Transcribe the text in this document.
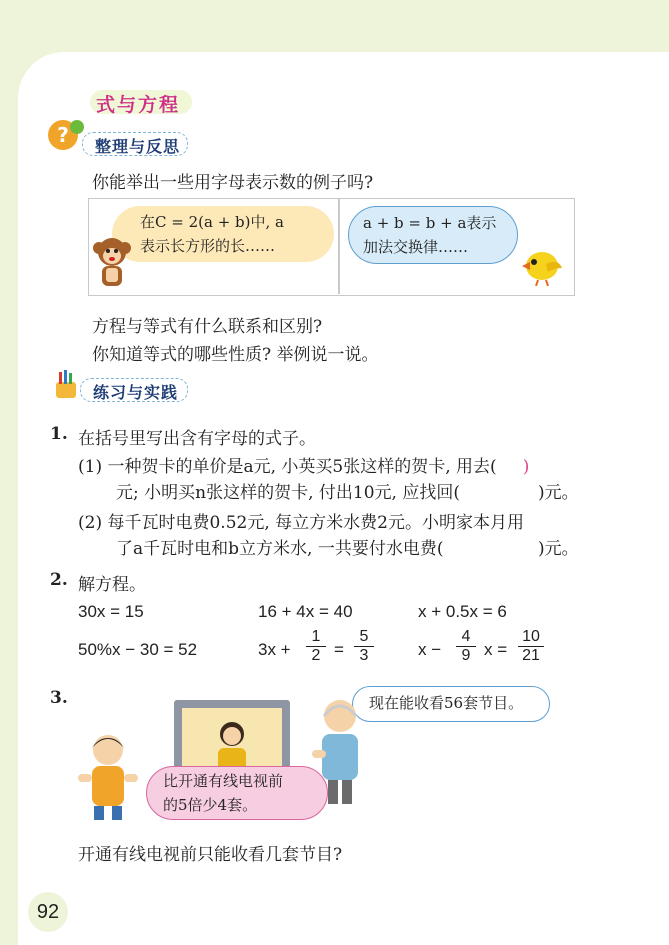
式与方程
?	整理与反思
你能举出一些用字母表示数的例子吗?
在C = 2(a + b)中, a
表示长方形的长……
a + b = b + a表示
加法交换律……
方程与等式有什么联系和区别?
你知道等式的哪些性质? 举例说一说。
练习与实践
1. 在括号里写出含有字母的式子。
(1) 一种贺卡的单价是a元, 小英买5张这样的贺卡, 用去( )
元; 小明买n张这样的贺卡, 付出10元, 应找回(	)元。
(2) 每千瓦时电费0.52元, 每立方米水费2元。小明家本月用
了a千瓦时电和b立方米水, 一共要付水电费(	)元。
2. 解方程。
30x = 15	16 + 4x = 40	x + 0.5x = 6
50%x − 30 = 52	$3x + \frac{1}{2} = \frac{5}{3}$	$x - \frac{4}{9}$ $x = \frac{10}{21}$
3.	现在能收看56套节目。
比开通有线电视前
的5倍少4套。
开通有线电视前只能收看几套节目?
92
